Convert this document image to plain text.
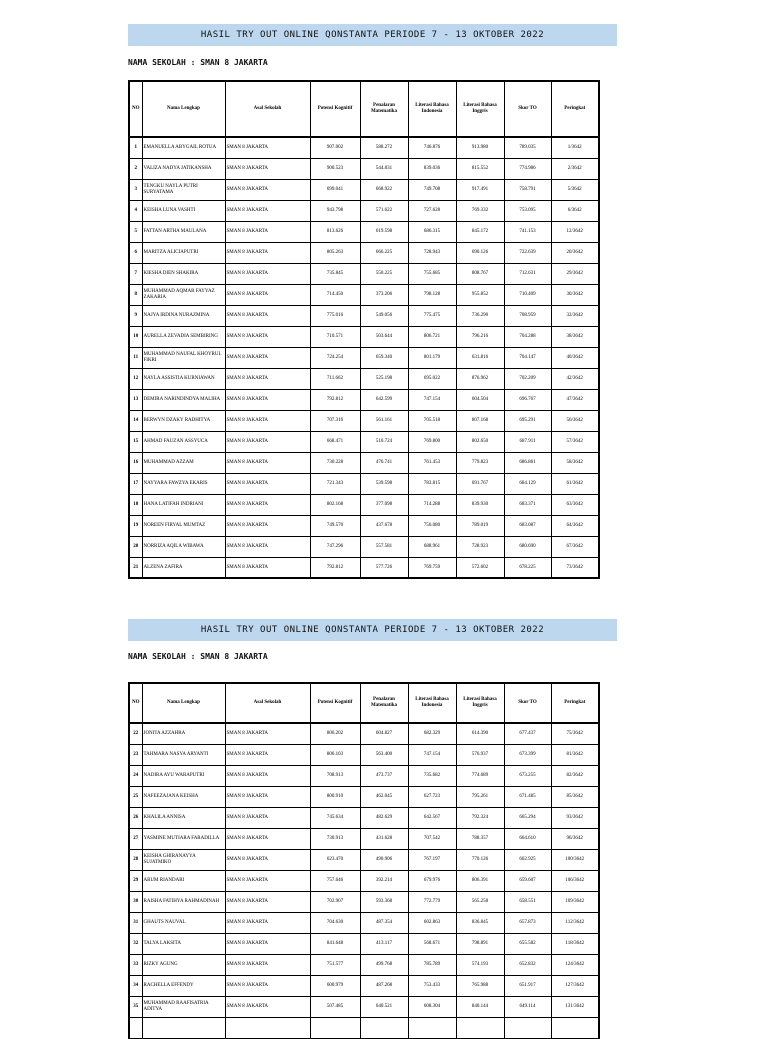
HASIL TRY OUT ONLINE QONSTANTA PERIODE 7 - 13 OKTOBER 2022
NAMA SEKOLAH : SMAN 8 JAKARTA
NO	Nama Lengkap	Asal Sekolah	Potensi Kognitif	Penalaran Matematika	Literasi Bahasa Indonesia	Literasi Bahasa Inggris	Skor TO	Peringkat
1	EMANUELLA ABYGAIL ROTUA	SMAN 8 JAKARTA	907.002	588.272	746.876	913.980	789.035	1/3642
2	VALIZA NADYA JATIKANSHA	SMAN 8 JAKARTA	900.523	544.831	839.036	815.552	774.986	2/3642
3	TENGKU NAYLA PUTRI SURYATAMA	SMAN 8 JAKARTA	699.041	668.922	749.708	917.491	758.791	5/3642
4	KEISHA LUNA VASHTI	SMAN 8 JAKARTA	943.798	571.622	727.628	769.332	753.095	6/3642
5	FATTAN ARTHA MAULANA	SMAN 8 JAKARTA	813.626	619.598	686.315	845.172	741.153	12/3642
6	MARITZA ALICIAPUTRI	SMAN 8 JAKARTA	805.263	666.225	728.943	690.126	722.639	20/3642
7	KIESHA DIEN SHAKIRA	SMAN 8 JAKARTA	735.845	550.225	755.685	808.767	712.631	29/3642
8	MUHAMMAD AQMAR FAYYAZ ZAKARIA	SMAN 8 JAKARTA	714.450	373.206	798.128	955.852	710.409	30/3642
9	NAJYA IRDINA NURAZMINA	SMAN 8 JAKARTA	775.016	549.056	775.475	736.290	708.959	32/3642
10	AURELLA ZEVADIA SEMBIRING	SMAN 8 JAKARTA	710.571	503.644	806.721	796.216	704.288	38/3642
11	MUHAMMAD NAUFAL KHOYRUL FIKRI	SMAN 8 JAKARTA	724.254	659.340	801.179	631.816	704.147	40/3642
12	NAYLA ASSISTIA KURNIAWAN	SMAN 8 JAKARTA	711.662	525.198	695.022	876.962	702.209	42/3642
13	DEMIRA NARINDINDYA MALIHA	SMAN 8 JAKARTA	792.812	642.599	747.154	604.504	696.767	47/3642
14	BERWYN DZAKY RADHITYA	SMAN 8 JAKARTA	707.316	561.161	705.518	807.168	695.291	50/3642
15	AHMAD FAUZAN ASSYUCA	SMAN 8 JAKARTA	668.471	510.724	769.800	802.650	687.911	57/3642
16	MUHAMMAD AZZAM	SMAN 8 JAKARTA	730.228	476.741	761.453	779.823	686.861	58/3642
17	NAYYARA FAWZYA EKARIS	SMAN 8 JAKARTA	721.343	539.598	783.815	691.767	684.129	61/3642
18	HANA LATIFAH INDRIANI	SMAN 8 JAKARTA	802.168	377.098	714.288	839.930	683.371	63/3642
19	NOREEN FIRYAL MUMTAZ	SMAN 8 JAKARTA	749.570	437.678	756.080	789.019	683.087	64/3642
20	NORRIZA AQILA WIBAWA	SMAN 8 JAKARTA	747.296	557.581	688.961	728.923	680.690	67/3642
21	ALZENA ZAFIRA	SMAN 8 JAKARTA	792.812	577.726	769.759	572.602	678.225	73/3642
HASIL TRY OUT ONLINE QONSTANTA PERIODE 7 - 13 OKTOBER 2022
NAMA SEKOLAH : SMAN 8 JAKARTA
NO	Nama Lengkap	Asal Sekolah	Potensi Kognitif	Penalaran Matematika	Literasi Bahasa Indonesia	Literasi Bahasa Inggris	Skor TO	Peringkat
22	JONITA AZZAHRA	SMAN 8 JAKARTA	806.202	604.827	682.329	614.390	677.437	75/3642
23	TAHMARA NASYA ARYANTI	SMAN 8 JAKARTA	806.103	563.400	747.154	576.937	673.399	81/3642
24	NADIRA AYU WARAPUTRI	SMAN 8 JAKARTA	708.913	473.737	735.682	774.689	673.255	82/3642
25	NAFEEZAJANA KEISHA	SMAN 8 JAKARTA	800.910	462.045	627.723	795.261	671.485	85/3642
26	KHALILA ANNISA	SMAN 8 JAKARTA	745.634	482.629	642.567	792.324	665.294	93/3642
27	YASMINE MUTIARA FARADILLA	SMAN 8 JAKARTA	730.913	431.628	707.542	788.357	664.610	96/3642
28	KEISHA GHIRANAYYA SUJATMIKO	SMAN 8 JAKARTA	623.470	490.906	767.197	770.126	662.925	100/3642
29	ARUM RIANDARI	SMAN 8 JAKARTA	757.646	392.214	679.976	806.391	659.607	106/3642
30	RAISHA FATIHYA RAHMADINAH	SMAN 8 JAKARTA	702.907	593.368	772.779	565.258	658.551	109/3642
31	GHAUTS NAUVAL	SMAN 8 JAKARTA	704.630	487.354	602.863	836.845	657.873	112/3642
32	TALYA LAKSITA	SMAN 8 JAKARTA	841.648	413.117	568.671	798.891	655.582	118/3642
33	RIZKY AGUNG	SMAN 8 JAKARTA	751.577	499.768	785.789	574.193	652.832	124/3642
34	RACHELLA EFFENDY	SMAN 8 JAKARTA	600.979	487.268	753.433	765.988	651.917	127/3642
35	MUHAMMAD RAAFISATRIA ADITYA	SMAN 8 JAKARTA	507.485	640.521	608.304	840.144	649.114	131/3642
